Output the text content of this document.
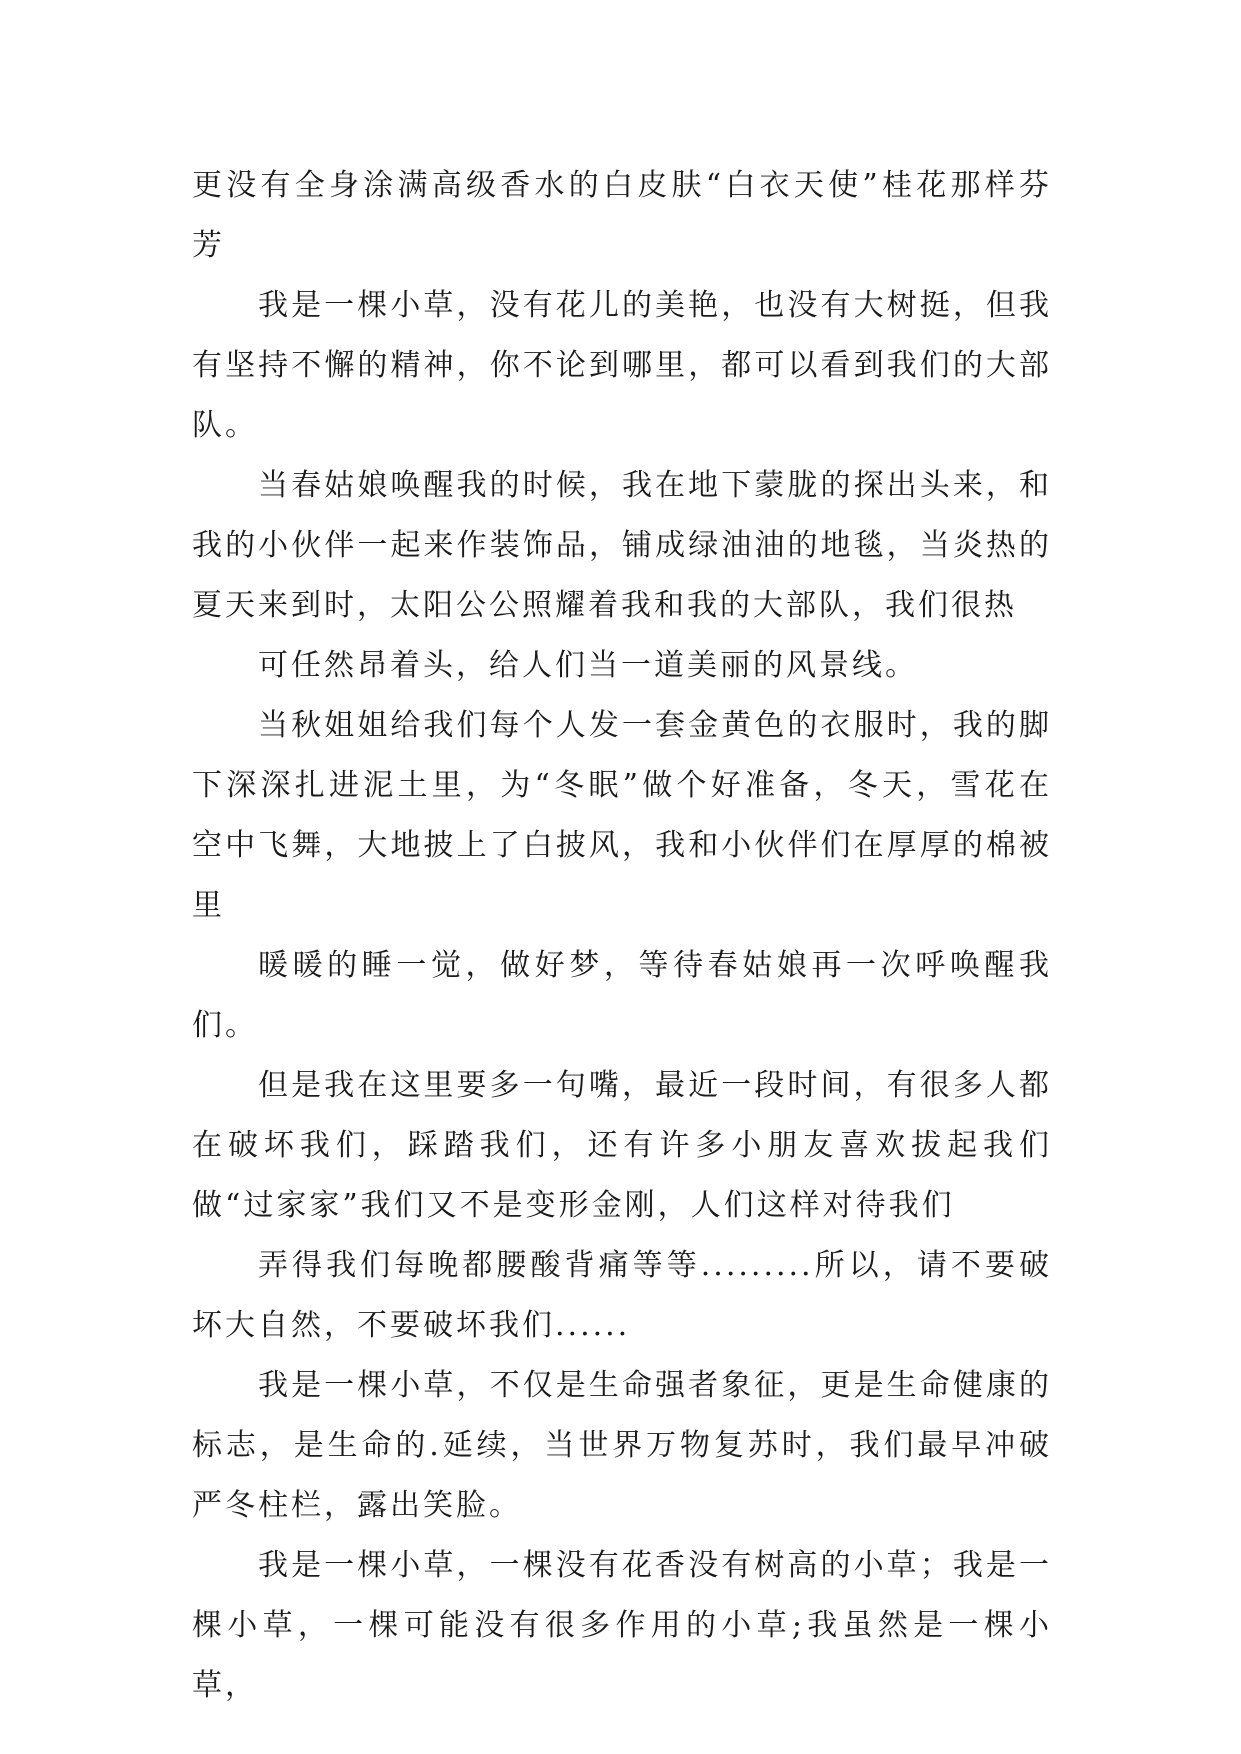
更没有全身涂满高级香水的白皮肤“白衣天使”桂花那样芬芳

我是一棵小草，没有花儿的美艳，也没有大树挺，但我有坚持不懈的精神，你不论到哪里，都可以看到我们的大部队。

当春姑娘唤醒我的时候，我在地下蒙胧的探出头来，和我的小伙伴一起来作装饰品，铺成绿油油的地毯，当炎热的夏天来到时，太阳公公照耀着我和我的大部队，我们很热

可任然昂着头，给人们当一道美丽的风景线。

当秋姐姐给我们每个人发一套金黄色的衣服时，我的脚下深深扎进泥土里，为“冬眠”做个好准备，冬天，雪花在空中飞舞，大地披上了白披风，我和小伙伴们在厚厚的棉被里

暖暖的睡一觉，做好梦，等待春姑娘再一次呼唤醒我们。

但是我在这里要多一句嘴，最近一段时间，有很多人都在破坏我们，踩踏我们，还有许多小朋友喜欢拔起我们做“过家家”我们又不是变形金刚，人们这样对待我们

弄得我们每晚都腰酸背痛等等.........所以，请不要破坏大自然，不要破坏我们......

我是一棵小草，不仅是生命强者象征，更是生命健康的标志，是生命的.延续，当世界万物复苏时，我们最早冲破严冬柱栏，露出笑脸。

我是一棵小草，一棵没有花香没有树高的小草；我是一棵小草，一棵可能没有很多作用的小草;我虽然是一棵小草，
